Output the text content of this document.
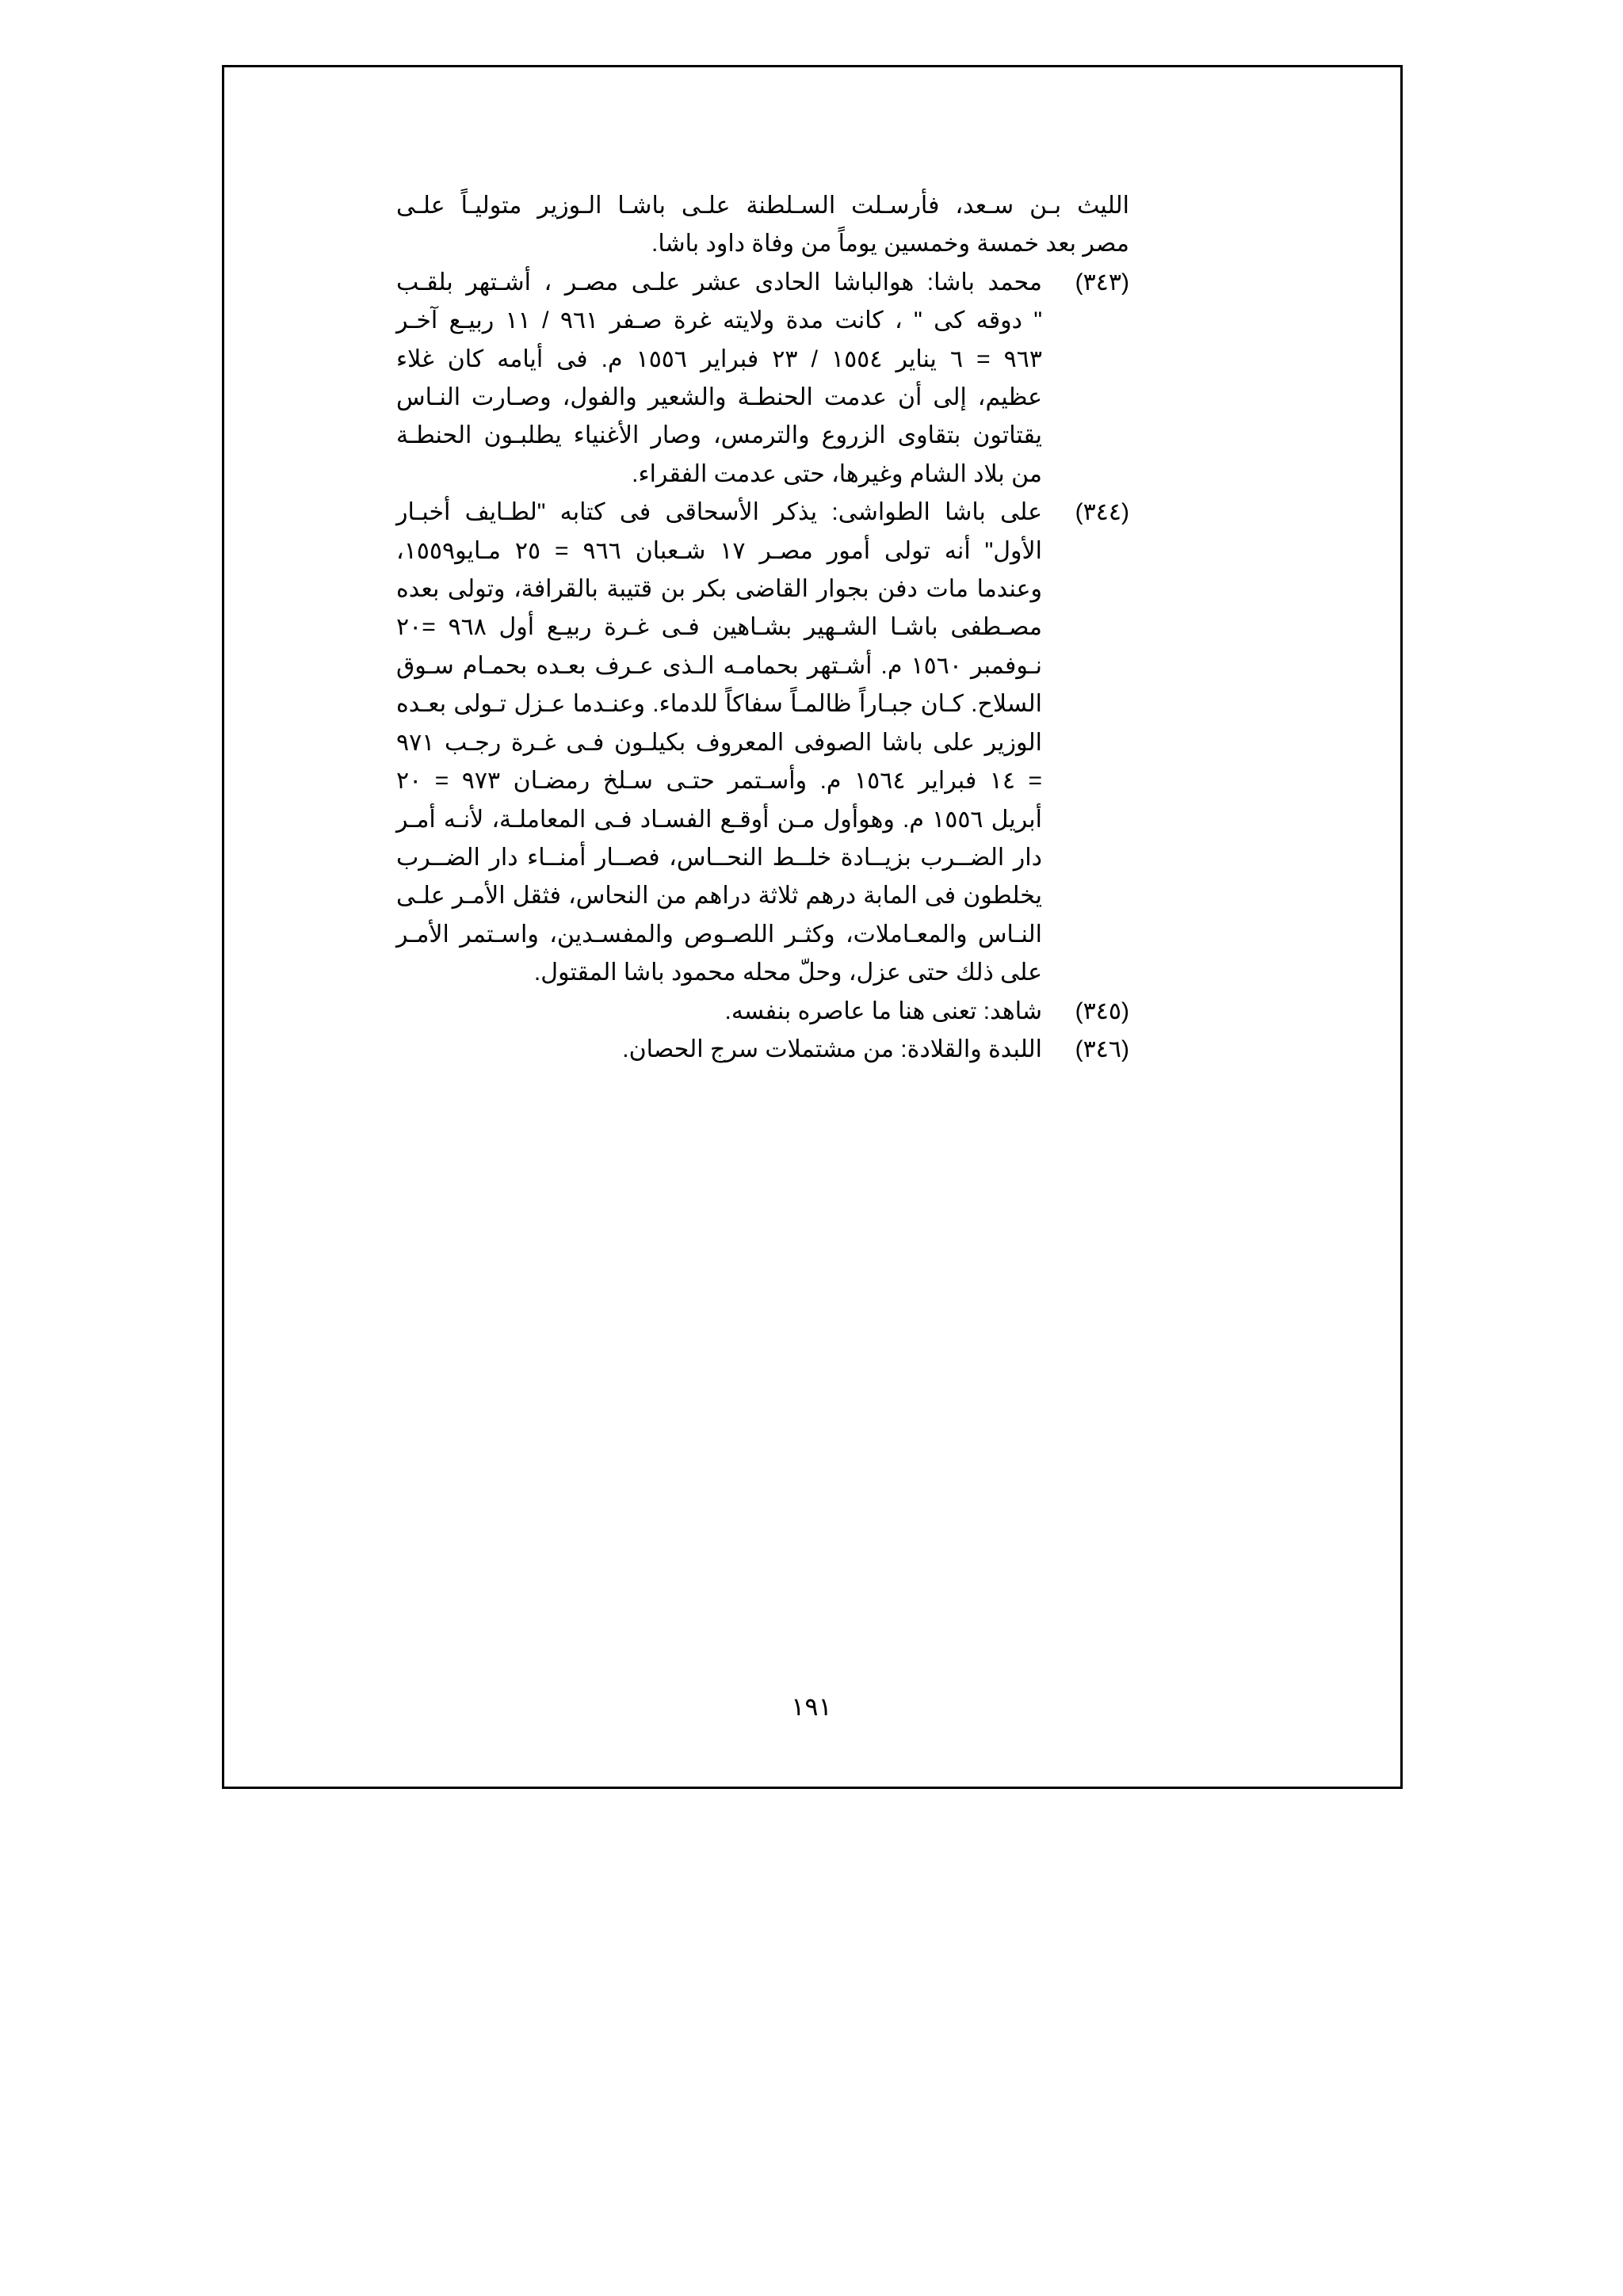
الليث بـن سـعد، فأرسـلت السـلطنة علـى باشـا الـوزير متوليـاً علـى
مصر بعد خمسة وخمسين يوماً من وفاة داود باشا.
(٣٤٣)
محمد باشا: هوالباشا الحادى عشر علـى مصـر ، أشـتهر بلقـب
" دوقه كى " ، كانت مدة ولايته غرة صـفر ٩٦١ / ١١ ربيـع آخـر
٩٦٣ = ٦ يناير ١٥٥٤ / ٢٣ فبراير ١٥٥٦ م. فى أيامه كان غلاء
عظيم، إلى أن عدمت الحنطـة والشعير والفول، وصـارت النـاس
يقتاتون بتقاوى الزروع والترمس، وصار الأغنياء يطلبـون الحنطـة
من بلاد الشام وغيرها، حتى عدمت الفقراء.
(٣٤٤)
على باشا الطواشى: يذكر الأسحاقى فى كتابه "لطـايف أخبـار
الأول" أنه تولى أمور مصـر ١٧ شـعبان ٩٦٦ = ٢٥ مـايو١٥٥٩،
وعندما مات دفن بجوار القاضى بكر بن قتيبة بالقرافة، وتولى بعده
مصـطفى باشـا الشـهير بشـاهين فـى غـرة ربيـع أول ٩٦٨ =٢٠
نـوفمبر ١٥٦٠ م. أشـتهر بحمامـه الـذى عـرف بعـده بحمـام سـوق
السلاح. كـان جبـاراً ظالمـاً سفاكاً للدماء. وعنـدما عـزل تـولى بعـده
الوزير على باشا الصوفى المعروف بكيلـون فـى غـرة رجـب ٩٧١
= ١٤ فبراير ١٥٦٤ م. وأسـتمر حتـى سـلخ رمضـان ٩٧٣ = ٢٠
أبريل ١٥٥٦ م. وهوأول مـن أوقـع الفسـاد فـى المعاملـة، لأنـه أمـر
دار الضــرب بزيــادة خلــط النحــاس، فصــار أمنــاء دار الضــرب
يخلطون فى المابة درهم ثلاثة دراهم من النحاس، فثقل الأمـر علـى
النـاس والمعـاملات، وكثـر اللصـوص والمفسـدين، واسـتمر الأمـر
على ذلك حتى عزل، وحلّ محله محمود باشا المقتول.
(٣٤٥)
شاهد: تعنى هنا ما عاصره بنفسه.
(٣٤٦)
اللبدة والقلادة: من مشتملات سرج الحصان.
١٩١
